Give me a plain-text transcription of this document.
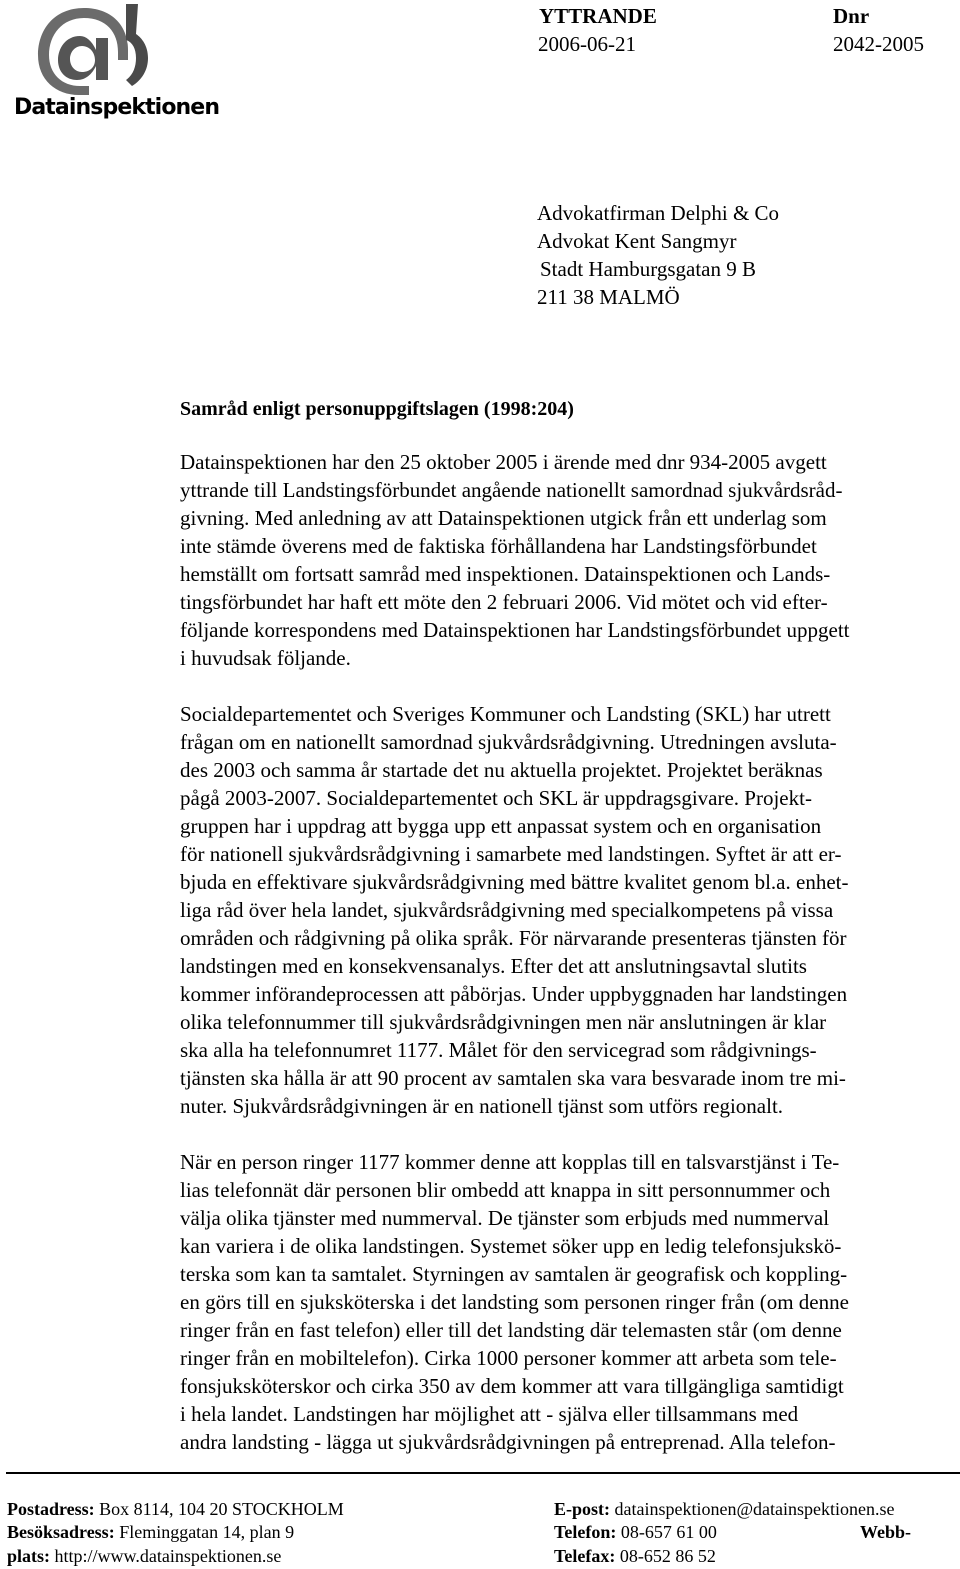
Datainspektionen
YTTRANDE	Dnr
2006-06-21	2042-2005
Advokatfirman Delphi & Co
Advokat Kent Sangmyr
Stadt Hamburgsgatan 9 B
211 38 MALMÖ
Samråd enligt personuppgiftslagen (1998:204)

Datainspektionen har den 25 oktober 2005 i ärende med dnr 934-2005 avgett
yttrande till Landstingsförbundet angående nationellt samordnad sjukvårdsråd-
givning. Med anledning av att Datainspektionen utgick från ett underlag som
inte stämde överens med de faktiska förhållandena har Landstingsförbundet
hemställt om fortsatt samråd med inspektionen. Datainspektionen och Lands-
tingsförbundet har haft ett möte den 2 februari 2006. Vid mötet och vid efter-
följande korrespondens med Datainspektionen har Landstingsförbundet uppgett
i huvudsak följande.

Socialdepartementet och Sveriges Kommuner och Landsting (SKL) har utrett
frågan om en nationellt samordnad sjukvårdsrådgivning. Utredningen avsluta-
des 2003 och samma år startade det nu aktuella projektet. Projektet beräknas
pågå 2003-2007. Socialdepartementet och SKL är uppdragsgivare. Projekt-
gruppen har i uppdrag att bygga upp ett anpassat system och en organisation
för nationell sjukvårdsrådgivning i samarbete med landstingen. Syftet är att er-
bjuda en effektivare sjukvårdsrådgivning med bättre kvalitet genom bl.a. enhet-
liga råd över hela landet, sjukvårdsrådgivning med specialkompetens på vissa
områden och rådgivning på olika språk. För närvarande presenteras tjänsten för
landstingen med en konsekvensanalys. Efter det att anslutningsavtal slutits
kommer införandeprocessen att påbörjas. Under uppbyggnaden har landstingen
olika telefonnummer till sjukvårdsrådgivningen men när anslutningen är klar
ska alla ha telefonnumret 1177. Målet för den servicegrad som rådgivnings-
tjänsten ska hålla är att 90 procent av samtalen ska vara besvarade inom tre mi-
nuter. Sjukvårdsrådgivningen är en nationell tjänst som utförs regionalt.

När en person ringer 1177 kommer denne att kopplas till en talsvarstjänst i Te-
lias telefonnät där personen blir ombedd att knappa in sitt personnummer och
välja olika tjänster med nummerval. De tjänster som erbjuds med nummerval
kan variera i de olika landstingen. Systemet söker upp en ledig telefonsjukskö-
terska som kan ta samtalet. Styrningen av samtalen är geografisk och koppling-
en görs till en sjuksköterska i det landsting som personen ringer från (om denne
ringer från en fast telefon) eller till det landsting där telemasten står (om denne
ringer från en mobiltelefon). Cirka 1000 personer kommer att arbeta som tele-
fonsjuksköterskor och cirka 350 av dem kommer att vara tillgängliga samtidigt
i hela landet. Landstingen har möjlighet att - själva eller tillsammans med
andra landsting - lägga ut sjukvårdsrådgivningen på entreprenad. Alla telefon-

Postadress: Box 8114, 104 20 STOCKHOLM
Besöksadress: Fleminggatan 14, plan 9
plats: http://www.datainspektionen.se
E-post: datainspektionen@datainspektionen.se
Telefon: 08-657 61 00	Webb-
Telefax: 08-652 86 52
